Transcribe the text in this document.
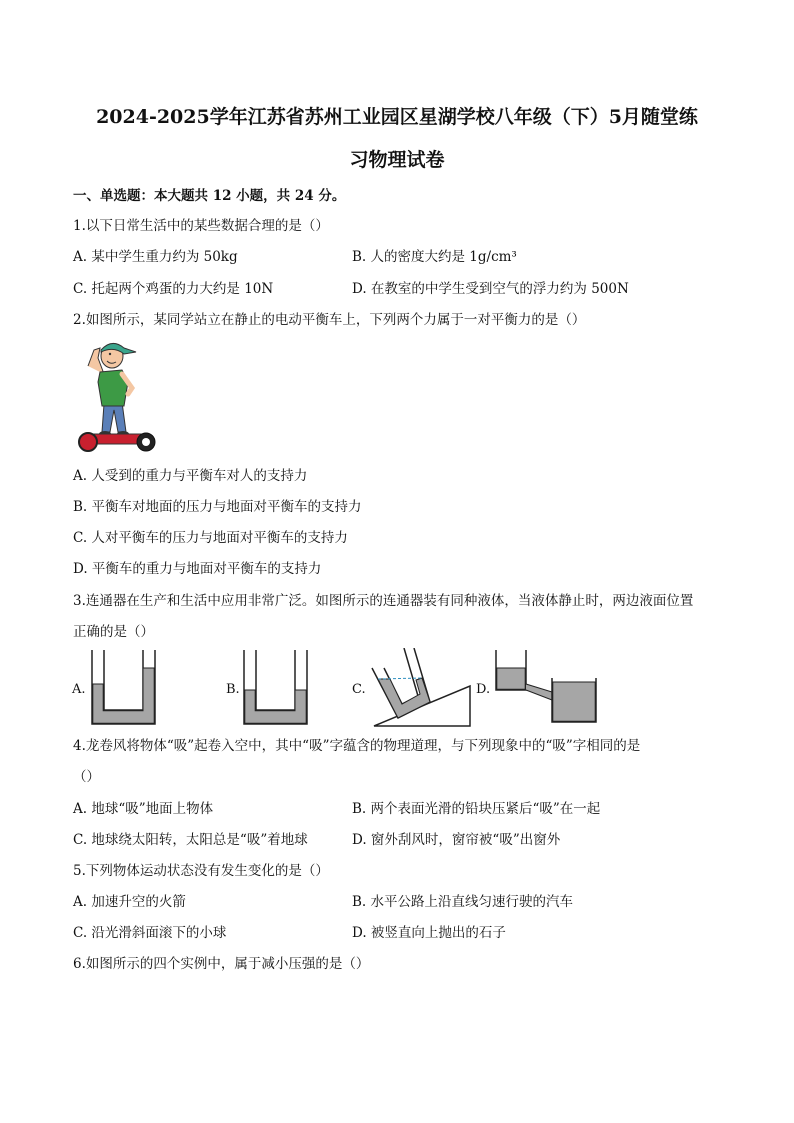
2024-2025学年江苏省苏州工业园区星湖学校八年级（下）5月随堂练
习物理试卷
一、单选题：本大题共 12 小题，共 24 分。
1.以下日常生活中的某些数据合理的是（）
A. 某中学生重力约为 50kg	B. 人的密度大约是 1g/cm³
C. 托起两个鸡蛋的力大约是 10N	D. 在教室的中学生受到空气的浮力约为 500N
2.如图所示，某同学站立在静止的电动平衡车上，下列两个力属于一对平衡力的是（）
A. 人受到的重力与平衡车对人的支持力
B. 平衡车对地面的压力与地面对平衡车的支持力
C. 人对平衡车的压力与地面对平衡车的支持力
D. 平衡车的重力与地面对平衡车的支持力
3.连通器在生产和生活中应用非常广泛。如图所示的连通器装有同种液体，当液体静止时，两边液面位置
正确的是（）
A.	B.	C.	D.
4.龙卷风将物体“吸”起卷入空中，其中“吸”字蕴含的物理道理，与下列现象中的“吸”字相同的是
（）
A. 地球“吸”地面上物体	B. 两个表面光滑的铅块压紧后“吸”在一起
C. 地球绕太阳转，太阳总是“吸”着地球	D. 窗外刮风时，窗帘被“吸”出窗外
5.下列物体运动状态没有发生变化的是（）
A. 加速升空的火箭	B. 水平公路上沿直线匀速行驶的汽车
C. 沿光滑斜面滚下的小球	D. 被竖直向上抛出的石子
6.如图所示的四个实例中，属于减小压强的是（）
